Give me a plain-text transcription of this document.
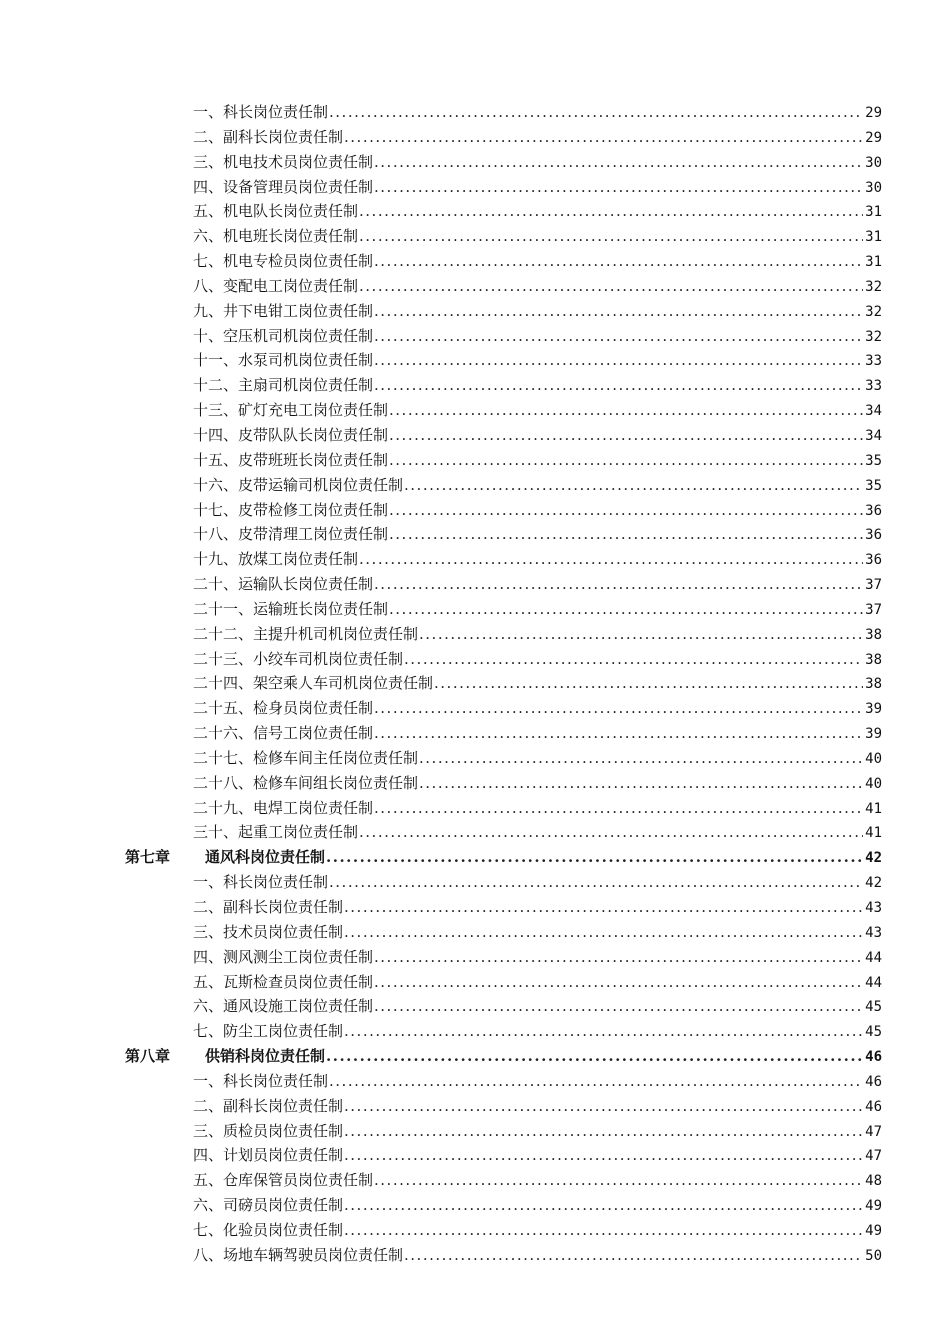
一、科长岗位责任制 .....	29
二、副科长岗位责任制 .....	29
三、机电技术员岗位责任制 .....	30
四、设备管理员岗位责任制 .....	30
五、机电队长岗位责任制 .....	31
六、机电班长岗位责任制 .....	31
七、机电专检员岗位责任制 .....	31
八、变配电工岗位责任制 .....	32
九、井下电钳工岗位责任制 .....	32
十、空压机司机岗位责任制 .....	32
十一、水泵司机岗位责任制 .....	33
十二、主扇司机岗位责任制 .....	33
十三、矿灯充电工岗位责任制 .....	34
十四、皮带队队长岗位责任制 .....	34
十五、皮带班班长岗位责任制 .....	35
十六、皮带运输司机岗位责任制 .....	35
十七、皮带检修工岗位责任制 .....	36
十八、皮带清理工岗位责任制 .....	36
十九、放煤工岗位责任制 .....	36
二十、运输队长岗位责任制 .....	37
二十一、运输班长岗位责任制 .....	37
二十二、主提升机司机岗位责任制 .....	38
二十三、小绞车司机岗位责任制 .....	38
二十四、架空乘人车司机岗位责任制 .....	38
二十五、检身员岗位责任制 .....	39
二十六、信号工岗位责任制 .....	39
二十七、检修车间主任岗位责任制 .....	40
二十八、检修车间组长岗位责任制 .....	40
二十九、电焊工岗位责任制 .....	41
三十、起重工岗位责任制 .....	41
第七章	通风科岗位责任制 .....	42
一、科长岗位责任制 .....	42
二、副科长岗位责任制 .....	43
三、技术员岗位责任制 .....	43
四、测风测尘工岗位责任制 .....	44
五、瓦斯检查员岗位责任制 .....	44
六、通风设施工岗位责任制 .....	45
七、防尘工岗位责任制 .....	45
第八章	供销科岗位责任制 .....	46
一、科长岗位责任制 .....	46
二、副科长岗位责任制 .....	46
三、质检员岗位责任制 .....	47
四、计划员岗位责任制 .....	47
五、仓库保管员岗位责任制 .....	48
六、司磅员岗位责任制 .....	49
七、化验员岗位责任制 .....	49
八、场地车辆驾驶员岗位责任制 .....	50
